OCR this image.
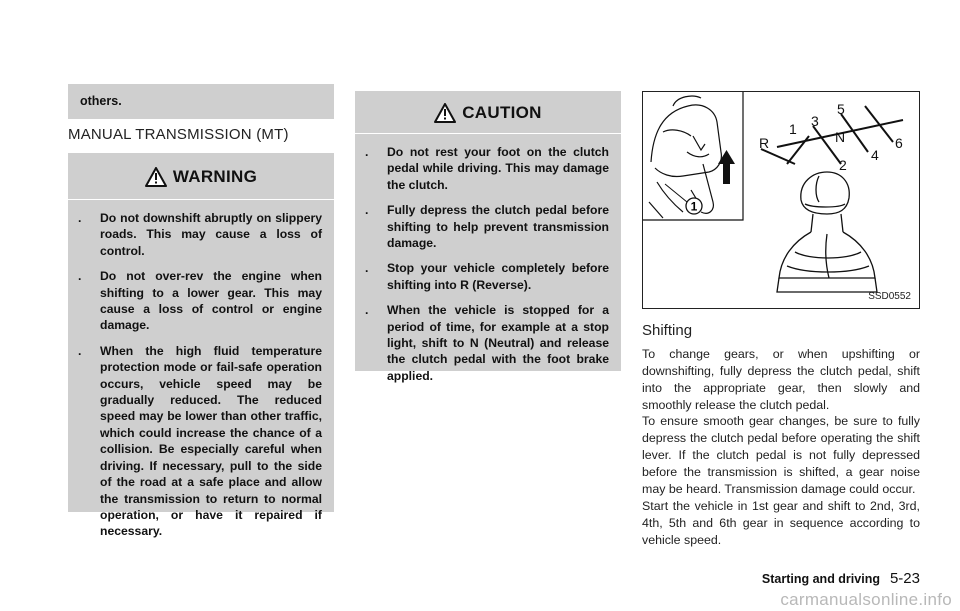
others.
MANUAL TRANSMISSION (MT)
WARNING
. Do not downshift abruptly on slippery roads. This may cause a loss of control.
. Do not over-rev the engine when shifting to a lower gear. This may cause a loss of control or engine damage.
. When the high fluid temperature protection mode or fail-safe operation occurs, vehicle speed may be gradually reduced. The reduced speed may be lower than other traffic, which could increase the chance of a collision. Be especially careful when driving. If necessary, pull to the side of the road at a safe place and allow the transmission to return to normal operation, or have it repaired if necessary.
CAUTION
. Do not rest your foot on the clutch pedal while driving. This may damage the clutch.
. Fully depress the clutch pedal before shifting to help prevent transmission damage.
. Stop your vehicle completely before shifting into R (Reverse).
. When the vehicle is stopped for a period of time, for example at a stop light, shift to N (Neutral) and release the clutch pedal with the foot brake applied.
1
R
1 3
5
N
2
4
6
SSD0552
Shifting

To change gears, or when upshifting or downshifting, fully depress the clutch pedal, shift into the appropriate gear, then slowly and smoothly release the clutch pedal.

To ensure smooth gear changes, be sure to fully depress the clutch pedal before operating the shift lever. If the clutch pedal is not fully depressed before the transmission is shifted, a gear noise may be heard. Transmission damage could occur.

Start the vehicle in 1st gear and shift to 2nd, 3rd, 4th, 5th and 6th gear in sequence according to vehicle speed.

Starting and driving 5-23
carmanualsonline.info
